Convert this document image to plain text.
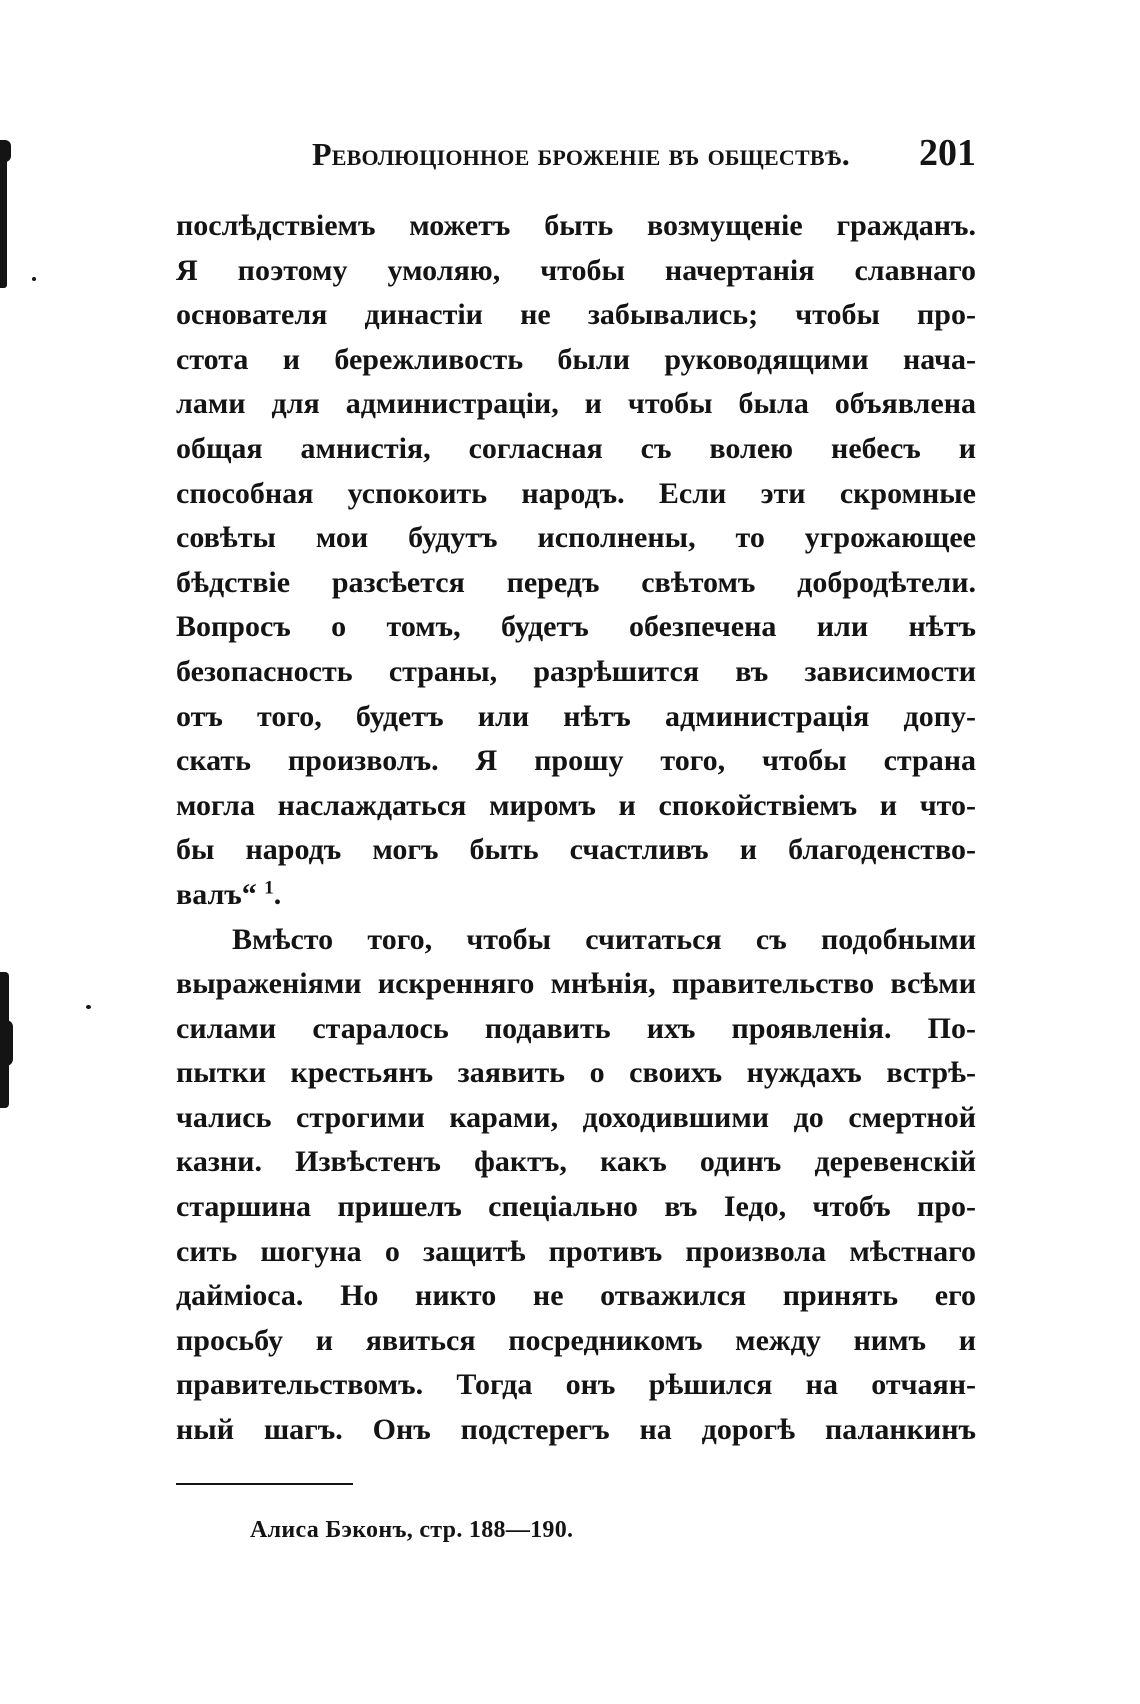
Революціонное броженіе въ обществѣ. 201
послѣдствіемъ можетъ быть возмущеніе гражданъ.
Я поэтому умоляю, чтобы начертанія славнаго
основателя династіи не забывались; чтобы про-
стота и бережливость были руководящими нача-
лами для администраціи, и чтобы была объявлена
общая амнистія, согласная съ волею небесъ и
способная успокоить народъ. Если эти скромные
совѣты мои будутъ исполнены, то угрожающее
бѣдствіе разсѣется передъ свѣтомъ добродѣтели.
Вопросъ о томъ, будетъ обезпечена или нѣтъ
безопасность страны, разрѣшится въ зависимости
отъ того, будетъ или нѣтъ администрація допу-
скать произволъ. Я прошу того, чтобы страна
могла наслаждаться миромъ и спокойствіемъ и что-
бы народъ могъ быть счастливъ и благоденство-
валъ“ $^1$.
Вмѣсто того, чтобы считаться съ подобными
выраженіями искренняго мнѣнія, правительство всѣми
силами старалось подавить ихъ проявленія. По-
пытки крестьянъ заявить о своихъ нуждахъ встрѣ-
чались строгими карами, доходившими до смертной
казни. Извѣстенъ фактъ, какъ одинъ деревенскій
старшина пришелъ спеціально въ Іедо, чтобъ про-
сить шогуна о защитѣ противъ произвола мѣстнаго
дайміоса. Но никто не отважился принять его
просьбу и явиться посредникомъ между нимъ и
правительствомъ. Тогда онъ рѣшился на отчаян-
ный шагъ. Онъ подстерегъ на дорогѣ паланкинъ
Алиса Бэконъ, стр. 188—190.
